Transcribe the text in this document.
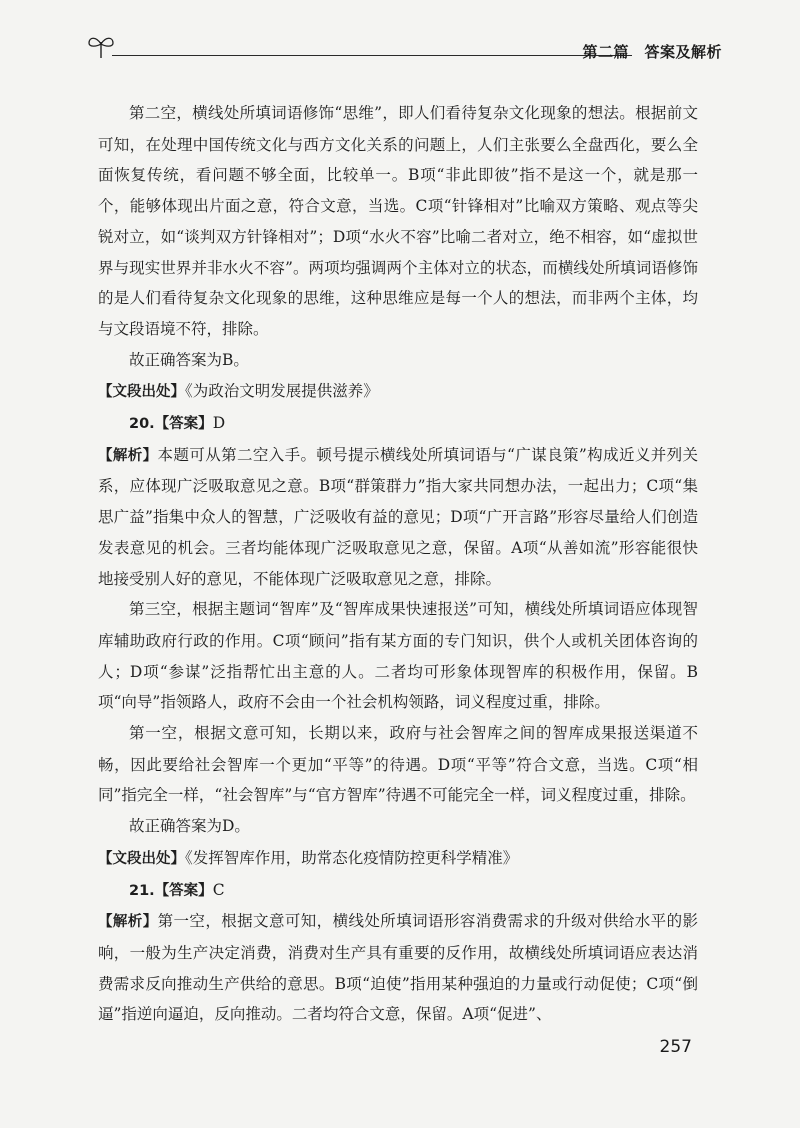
第二篇　答案及解析

第二空，横线处所填词语修饰“思维”，即人们看待复杂文化现象的想法。根据前文可知，在处理中国传统文化与西方文化关系的问题上，人们主张要么全盘西化，要么全面恢复传统，看问题不够全面，比较单一。B项“非此即彼”指不是这一个，就是那一个，能够体现出片面之意，符合文意，当选。C项“针锋相对”比喻双方策略、观点等尖锐对立，如“谈判双方针锋相对”；D项“水火不容”比喻二者对立，绝不相容，如“虚拟世界与现实世界并非水火不容”。两项均强调两个主体对立的状态，而横线处所填词语修饰的是人们看待复杂文化现象的思维，这种思维应是每一个人的想法，而非两个主体，均与文段语境不符，排除。

故正确答案为B。

【文段出处】《为政治文明发展提供滋养》

20.【答案】D

【解析】本题可从第二空入手。顿号提示横线处所填词语与“广谋良策”构成近义并列关系，应体现广泛吸取意见之意。B项“群策群力”指大家共同想办法，一起出力；C项“集思广益”指集中众人的智慧，广泛吸收有益的意见；D项“广开言路”形容尽量给人们创造发表意见的机会。三者均能体现广泛吸取意见之意，保留。A项“从善如流”形容能很快地接受别人好的意见，不能体现广泛吸取意见之意，排除。

第三空，根据主题词“智库”及“智库成果快速报送”可知，横线处所填词语应体现智库辅助政府行政的作用。C项“顾问”指有某方面的专门知识，供个人或机关团体咨询的人；D项“参谋”泛指帮忙出主意的人。二者均可形象体现智库的积极作用，保留。B项“向导”指领路人，政府不会由一个社会机构领路，词义程度过重，排除。

第一空，根据文意可知，长期以来，政府与社会智库之间的智库成果报送渠道不畅，因此要给社会智库一个更加“平等”的待遇。D项“平等”符合文意，当选。C项“相同”指完全一样，“社会智库”与“官方智库”待遇不可能完全一样，词义程度过重，排除。

故正确答案为D。

【文段出处】《发挥智库作用，助常态化疫情防控更科学精准》

21.【答案】C

【解析】第一空，根据文意可知，横线处所填词语形容消费需求的升级对供给水平的影响，一般为生产决定消费，消费对生产具有重要的反作用，故横线处所填词语应表达消费需求反向推动生产供给的意思。B项“迫使”指用某种强迫的力量或行动促使；C项“倒逼”指逆向逼迫，反向推动。二者均符合文意，保留。A项“促进”、

257
